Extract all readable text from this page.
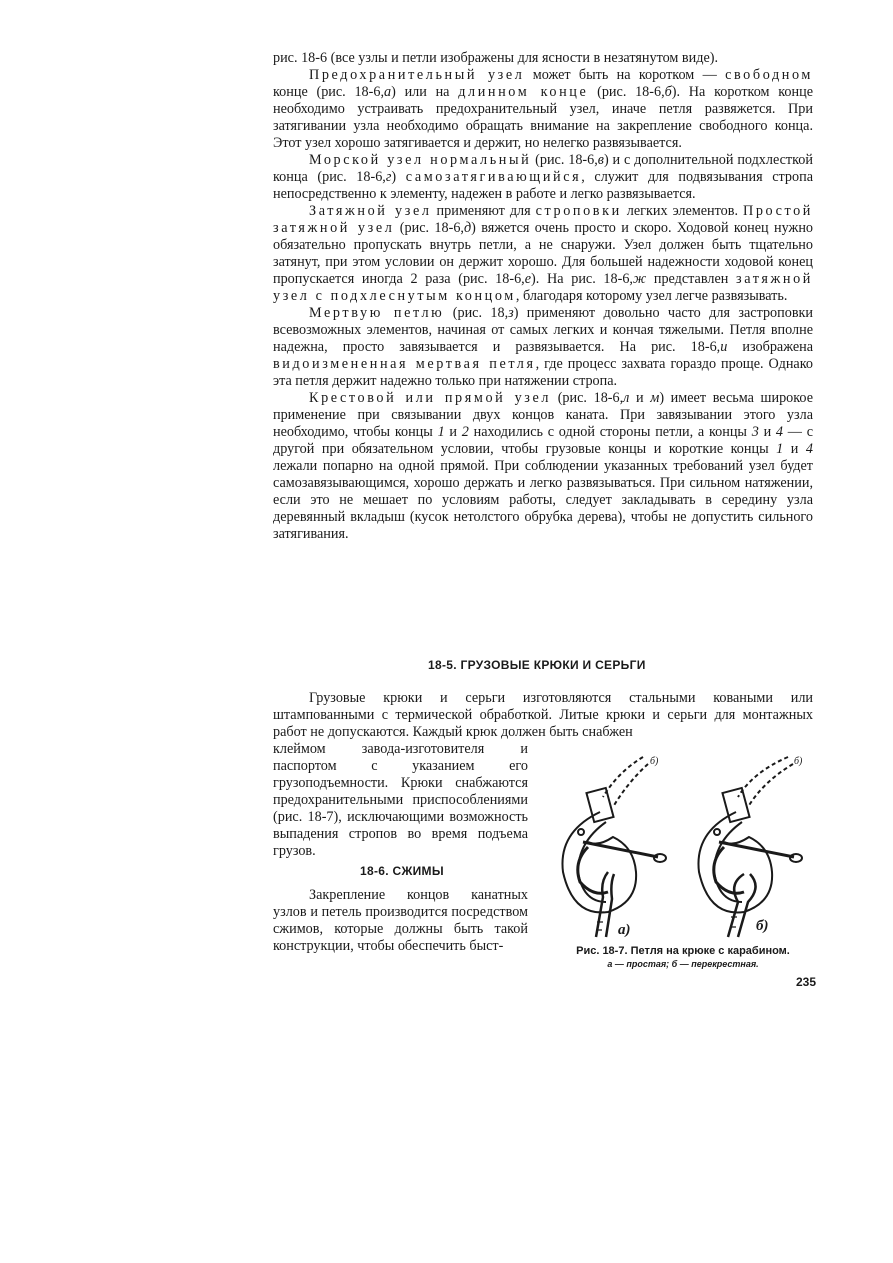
рис. 18-6 (все узлы и петли изображены для ясности в незатянутом виде).

Предохранительный узел может быть на коротком — свободном конце (рис. 18-6,а) или на длинном конце (рис. 18-6,б). На коротком конце необходимо устраивать предохранительный узел, иначе петля развяжется. При затягивании узла необходимо обращать внимание на закрепление свободного конца. Этот узел хорошо затягивается и держит, но нелегко развязывается.

Морской узел нормальный (рис. 18-6,в) и с дополнительной подхлесткой конца (рис. 18-6,г) самозатягивающийся, служит для подвязывания стропа непосредственно к элементу, надежен в работе и легко развязывается.

Затяжной узел применяют для строповки легких элементов. Простой затяжной узел (рис. 18-6,д) вяжется очень просто и скоро. Ходовой конец нужно обязательно пропускать внутрь петли, а не снаружи. Узел должен быть тщательно затянут, при этом условии он держит хорошо. Для большей надежности ходовой конец пропускается иногда 2 раза (рис. 18-6,е). На рис. 18-6,ж представлен затяжной узел с подхлеснутым концом, благодаря которому узел легче развязывать.

Мертвую петлю (рис. 18,з) применяют довольно часто для застроповки всевозможных элементов, начиная от самых легких и кончая тяжелыми. Петля вполне надежна, просто завязывается и развязывается. На рис. 18-6,и изображена видоизмененная мертвая петля, где процесс захвата гораздо проще. Однако эта петля держит надежно только при натяжении стропа.

Крестовой или прямой узел (рис. 18-6,л и м) имеет весьма широкое применение при связывании двух концов каната. При завязывании этого узла необходимо, чтобы концы 1 и 2 находились с одной стороны петли, а концы 3 и 4 — с другой при обязательном условии, чтобы грузовые концы и короткие концы 1 и 4 лежали попарно на одной прямой. При соблюдении указанных требований узел будет самозавязывающимся, хорошо держать и легко развязываться. При сильном натяжении, если это не мешает по условиям работы, следует закладывать в середину узла деревянный вкладыш (кусок нетолстого обрубка дерева), чтобы не допустить сильного затягивания.

18-5. ГРУЗОВЫЕ КРЮКИ И СЕРЬГИ

Грузовые крюки и серьги изготовляются стальными коваными или штампованными с термической обработкой. Литые крюки и серьги для монтажных работ не допускаются. Каждый крюк должен быть снабжен

клеймом завода-изготовителя и паспортом с указанием его грузоподъемности. Крюки снабжаются предохранительными приспособлениями (рис. 18-7), исключающими возможность выпадения стропов во время подъема грузов.

18-6. СЖИМЫ

Закрепление концов канатных узлов и петель производится посредством сжимов, которые должны быть такой конструкции, чтобы обеспечить быст-

а)
б)
б)
б)
Рис. 18-7. Петля на крюке с карабином.
а — простая; б — перекрестная.
235
